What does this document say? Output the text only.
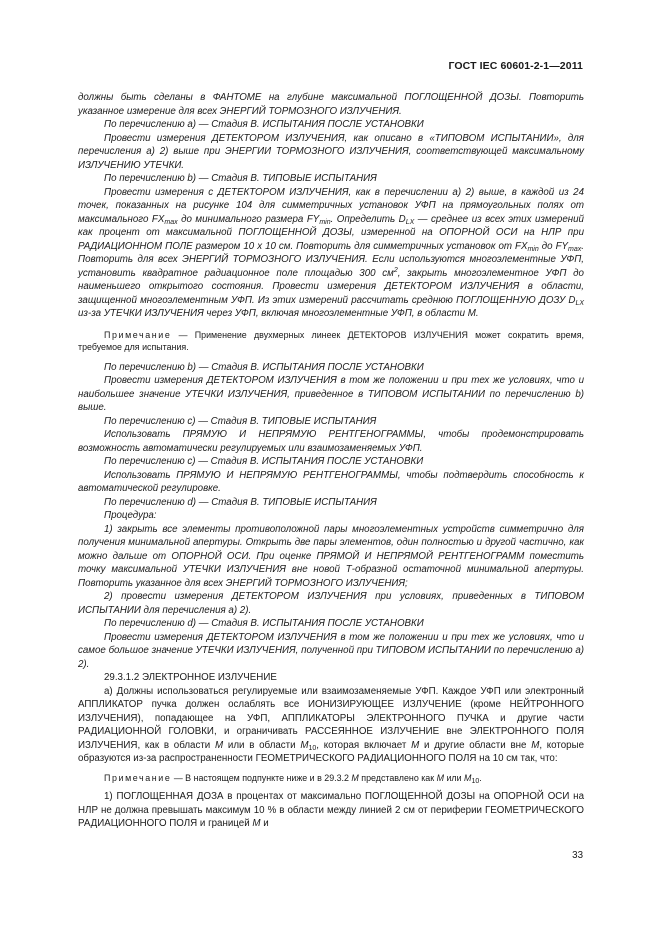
ГОСТ IEC 60601-2-1—2011

должны быть сделаны в ФАНТОМЕ на глубине максимальной ПОГЛОЩЕННОЙ ДОЗЫ. Повторить указанное измерение для всех ЭНЕРГИЙ ТОРМОЗНОГО ИЗЛУЧЕНИЯ.

По перечислению а) — Стадия В. ИСПЫТАНИЯ ПОСЛЕ УСТАНОВКИ

Провести измерения ДЕТЕКТОРОМ ИЗЛУЧЕНИЯ, как описано в «ТИПОВОМ ИСПЫТАНИИ», для перечисления а) 2) выше при ЭНЕРГИИ ТОРМОЗНОГО ИЗЛУЧЕНИЯ, соответствующей максимальному ИЗЛУЧЕНИЮ УТЕЧКИ.

По перечислению b) — Стадия В. ТИПОВЫЕ ИСПЫТАНИЯ

Провести измерения с ДЕТЕКТОРОМ ИЗЛУЧЕНИЯ, как в перечислении а) 2) выше, в каждой из 24 точек, показанных на рисунке 104 для симметричных установок УФП на прямоугольных полях от максимального $FX_{max}$ до минимального размера $FY_{min}$. Определить $D_{LX}$ — среднее из всех этих измерений как процент от максимальной ПОГЛОЩЕННОЙ ДОЗЫ, измеренной на ОПОРНОЙ ОСИ на НЛР при РАДИАЦИОННОМ ПОЛЕ размером 10 х 10 см. Повторить для симметричных установок от $FX_{min}$ до $FY_{max}$. Повторить для всех ЭНЕРГИЙ ТОРМОЗНОГО ИЗЛУЧЕНИЯ. Если используются многоэлементные УФП, установить квадратное радиационное поле площадью 300 $см^2$, закрыть многоэлементное УФП до наименьшего открытого состояния. Провести измерения ДЕТЕКТОРОМ ИЗЛУЧЕНИЯ в области, защищенной многоэлементным УФП. Из этих измерений рассчитать среднюю ПОГЛОЩЕННУЮ ДОЗУ $D_{LX}$ из-за УТЕЧКИ ИЗЛУЧЕНИЯ через УФП, включая многоэлементные УФП, в области М.

Примечание — Применение двухмерных линеек ДЕТЕКТОРОВ ИЗЛУЧЕНИЯ может сократить время, требуемое для испытания.

По перечислению b) — Стадия В. ИСПЫТАНИЯ ПОСЛЕ УСТАНОВКИ

Провести измерения ДЕТЕКТОРОМ ИЗЛУЧЕНИЯ в том же положении и при тех же условиях, что и наибольшее значение УТЕЧКИ ИЗЛУЧЕНИЯ, приведенное в ТИПОВОМ ИСПЫТАНИИ по перечислению b) выше.

По перечислению с) — Стадия В. ТИПОВЫЕ ИСПЫТАНИЯ

Использовать ПРЯМУЮ И НЕПРЯМУЮ РЕНТГЕНОГРАММЫ, чтобы продемонстрировать возможность автоматически регулируемых или взаимозаменяемых УФП.

По перечислению с) — Стадия В. ИСПЫТАНИЯ ПОСЛЕ УСТАНОВКИ

Использовать ПРЯМУЮ И НЕПРЯМУЮ РЕНТГЕНОГРАММЫ, чтобы подтвердить способность к автоматической регулировке.

По перечислению d) — Стадия В. ТИПОВЫЕ ИСПЫТАНИЯ

Процедура:

1) закрыть все элементы противоположной пары многоэлементных устройств симметрично для получения минимальной апертуры. Открыть две пары элементов, один полностью и другой частично, как можно дальше от ОПОРНОЙ ОСИ. При оценке ПРЯМОЙ И НЕПРЯМОЙ РЕНТГЕНОГРАММ поместить точку максимальной УТЕЧКИ ИЗЛУЧЕНИЯ вне новой Т-образной остаточной минимальной апертуры. Повторить указанное для всех ЭНЕРГИЙ ТОРМОЗНОГО ИЗЛУЧЕНИЯ;

2) провести измерения ДЕТЕКТОРОМ ИЗЛУЧЕНИЯ при условиях, приведенных в ТИПОВОМ ИСПЫТАНИИ для перечисления а) 2).

По перечислению d) — Стадия В. ИСПЫТАНИЯ ПОСЛЕ УСТАНОВКИ

Провести измерения ДЕТЕКТОРОМ ИЗЛУЧЕНИЯ в том же положении и при тех же условиях, что и самое большое значение УТЕЧКИ ИЗЛУЧЕНИЯ, полученной при ТИПОВОМ ИСПЫТАНИИ по перечислению а) 2).

29.3.1.2 ЭЛЕКТРОННОЕ ИЗЛУЧЕНИЕ

а) Должны использоваться регулируемые или взаимозаменяемые УФП. Каждое УФП или электронный АППЛИКАТОР пучка должен ослаблять все ИОНИЗИРУЮЩЕЕ ИЗЛУЧЕНИЕ (кроме НЕЙТРОННОГО ИЗЛУЧЕНИЯ), попадающее на УФП, АППЛИКАТОРЫ ЭЛЕКТРОННОГО ПУЧКА и другие части РАДИАЦИОННОЙ ГОЛОВКИ, и ограничивать РАССЕЯННОЕ ИЗЛУЧЕНИЕ вне ЭЛЕКТРОННОГО ПОЛЯ ИЗЛУЧЕНИЯ, как в области М или в области $М_{10}$, которая включает М и другие области вне М, которые образуются из-за распространенности ГЕОМЕТРИЧЕСКОГО РАДИАЦИОННОГО ПОЛЯ на 10 см так, что:

Примечание — В настоящем подпункте ниже и в 29.3.2 М представлено как М или $М_{10}$.

1) ПОГЛОЩЕННАЯ ДОЗА в процентах от максимально ПОГЛОЩЕННОЙ ДОЗЫ на ОПОРНОЙ ОСИ на НЛР не должна превышать максимум 10 % в области между линией 2 см от периферии ГЕОМЕТРИЧЕСКОГО РАДИАЦИОННОГО ПОЛЯ и границей М и

33
